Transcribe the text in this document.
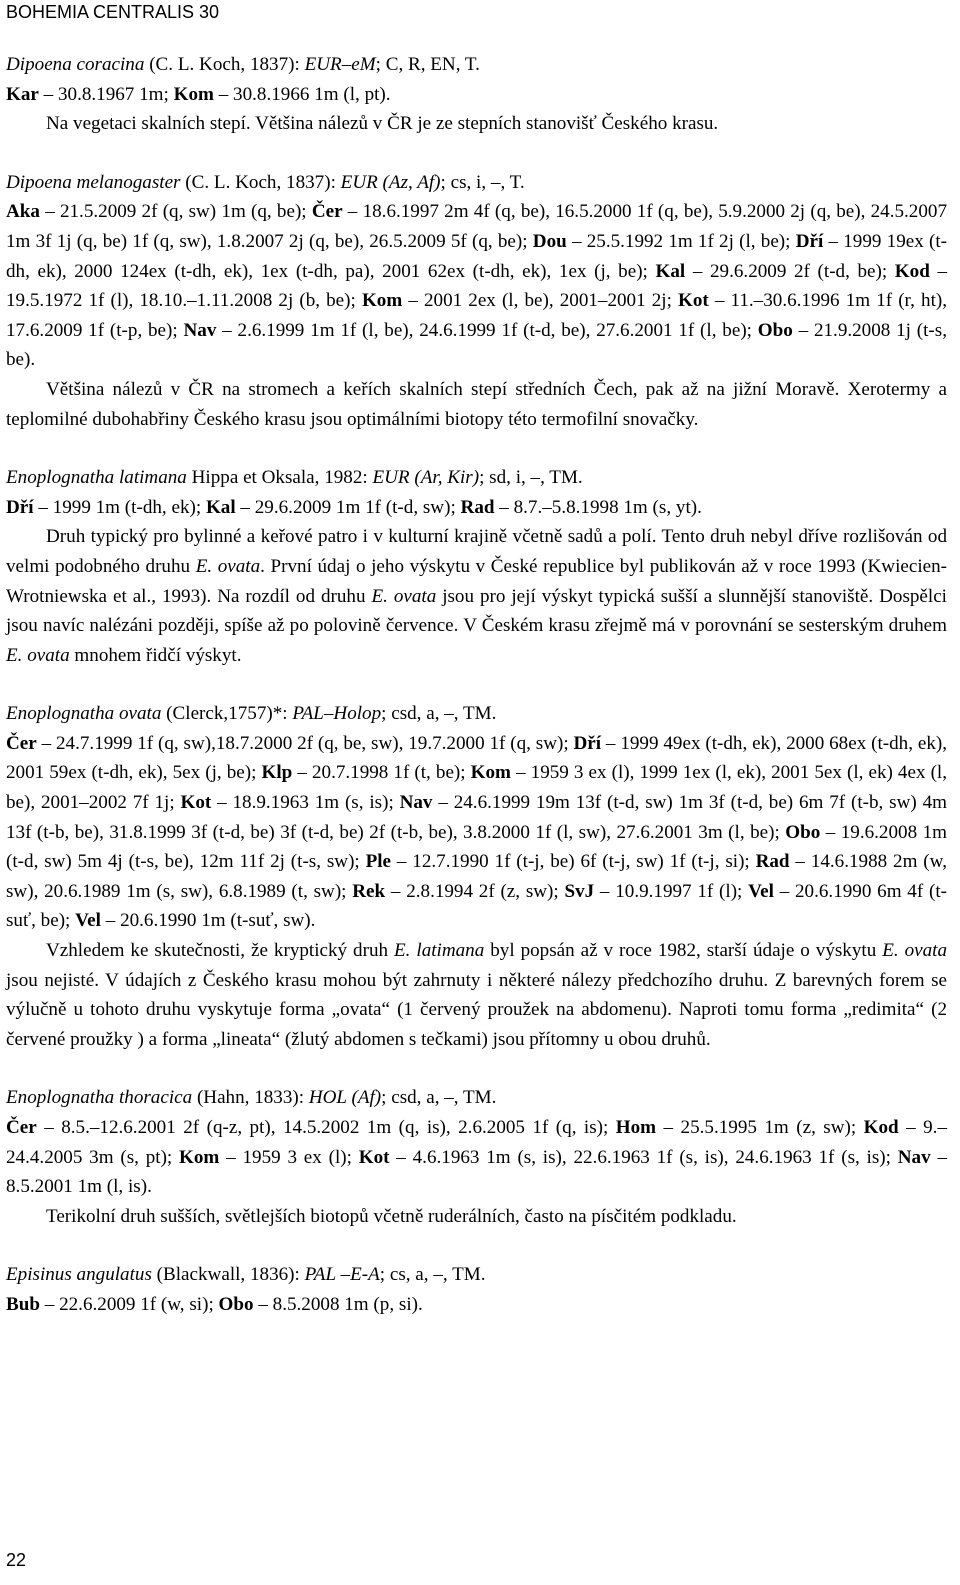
BOHEMIA CENTRALIS 30

Dipoena coracina (C. L. Koch, 1837): EUR–eM; C, R, EN, T.

Kar – 30.8.1967 1m; Kom – 30.8.1966 1m (l, pt).

Na vegetaci skalních stepí. Většina nálezů v ČR je ze stepních stanovišť Českého krasu.

Dipoena melanogaster (C. L. Koch, 1837): EUR (Az, Af); cs, i, –, T.

Aka – 21.5.2009 2f (q, sw) 1m (q, be); Čer – 18.6.1997 2m 4f (q, be), 16.5.2000 1f (q, be), 5.9.2000 2j (q, be), 24.5.2007 1m 3f 1j (q, be) 1f (q, sw), 1.8.2007 2j (q, be), 26.5.2009 5f (q, be); Dou – 25.5.1992 1m 1f 2j (l, be); Dří – 1999 19ex (t-dh, ek), 2000 124ex (t-dh, ek), 1ex (t-dh, pa), 2001 62ex (t-dh, ek), 1ex (j, be); Kal – 29.6.2009 2f (t-d, be); Kod – 19.5.1972 1f (l), 18.10.–1.11.2008 2j (b, be); Kom – 2001 2ex (l, be), 2001–2001 2j; Kot – 11.–30.6.1996 1m 1f (r, ht), 17.6.2009 1f (t-p, be); Nav – 2.6.1999 1m 1f (l, be), 24.6.1999 1f (t-d, be), 27.6.2001 1f (l, be); Obo – 21.9.2008 1j (t-s, be).

Většina nálezů v ČR na stromech a keřích skalních stepí středních Čech, pak až na jižní Moravě. Xerotermy a teplomilné dubohabřiny Českého krasu jsou optimálními biotopy této termofilní snovačky.

Enoplognatha latimana Hippa et Oksala, 1982: EUR (Ar, Kir); sd, i, –, TM.

Dří – 1999 1m (t-dh, ek); Kal – 29.6.2009 1m 1f (t-d, sw); Rad – 8.7.–5.8.1998 1m (s, yt).

Druh typický pro bylinné a keřové patro i v kulturní krajině včetně sadů a polí. Tento druh nebyl dříve rozlišován od velmi podobného druhu E. ovata. První údaj o jeho výskytu v České republice byl publikován až v roce 1993 (Kwiecien-Wrotniewska et al., 1993). Na rozdíl od druhu E. ovata jsou pro její výskyt typická sušší a slunnější stanoviště. Dospělci jsou navíc nalézáni později, spíše až po polovině července. V Českém krasu zřejmě má v porovnání se sesterským druhem E. ovata mnohem řidčí výskyt.

Enoplognatha ovata (Clerck,1757)*: PAL–Holop; csd, a, –, TM.

Čer – 24.7.1999 1f (q, sw),18.7.2000 2f (q, be, sw), 19.7.2000 1f (q, sw); Dří – 1999 49ex (t-dh, ek), 2000 68ex (t-dh, ek), 2001 59ex (t-dh, ek), 5ex (j, be); Klp – 20.7.1998 1f (t, be); Kom – 1959 3 ex (l), 1999 1ex (l, ek), 2001 5ex (l, ek) 4ex (l, be), 2001–2002 7f 1j; Kot – 18.9.1963 1m (s, is); Nav – 24.6.1999 19m 13f (t-d, sw) 1m 3f (t-d, be) 6m 7f (t-b, sw) 4m 13f (t-b, be), 31.8.1999 3f (t-d, be) 3f (t-d, be) 2f (t-b, be), 3.8.2000 1f (l, sw), 27.6.2001 3m (l, be); Obo – 19.6.2008 1m (t-d, sw) 5m 4j (t-s, be), 12m 11f 2j (t-s, sw); Ple – 12.7.1990 1f (t-j, be) 6f (t-j, sw) 1f (t-j, si); Rad – 14.6.1988 2m (w, sw), 20.6.1989 1m (s, sw), 6.8.1989 (t, sw); Rek – 2.8.1994 2f (z, sw); SvJ – 10.9.1997 1f (l); Vel – 20.6.1990 6m 4f (t-suť, be); Vel – 20.6.1990 1m (t-suť, sw).

Vzhledem ke skutečnosti, že kryptický druh E. latimana byl popsán až v roce 1982, starší údaje o výskytu E. ovata jsou nejisté. V údajích z Českého krasu mohou být zahrnuty i některé nálezy předchozího druhu. Z barevných forem se výlučně u tohoto druhu vyskytuje forma „ovata“ (1 červený proužek na abdomenu). Naproti tomu forma „redimita“ (2 červené proužky ) a forma „lineata“ (žlutý abdomen s tečkami) jsou přítomny u obou druhů.

Enoplognatha thoracica (Hahn, 1833): HOL (Af); csd, a, –, TM.

Čer – 8.5.–12.6.2001 2f (q-z, pt), 14.5.2002 1m (q, is), 2.6.2005 1f (q, is); Hom – 25.5.1995 1m (z, sw); Kod – 9.–24.4.2005 3m (s, pt); Kom – 1959 3 ex (l); Kot – 4.6.1963 1m (s, is), 22.6.1963 1f (s, is), 24.6.1963 1f (s, is); Nav – 8.5.2001 1m (l, is).

Terikolní druh sušších, světlejších biotopů včetně ruderálních, často na písčitém podkladu.

Episinus angulatus (Blackwall, 1836): PAL –E-A; cs, a, –, TM.

Bub – 22.6.2009 1f (w, si); Obo – 8.5.2008 1m (p, si).

22
